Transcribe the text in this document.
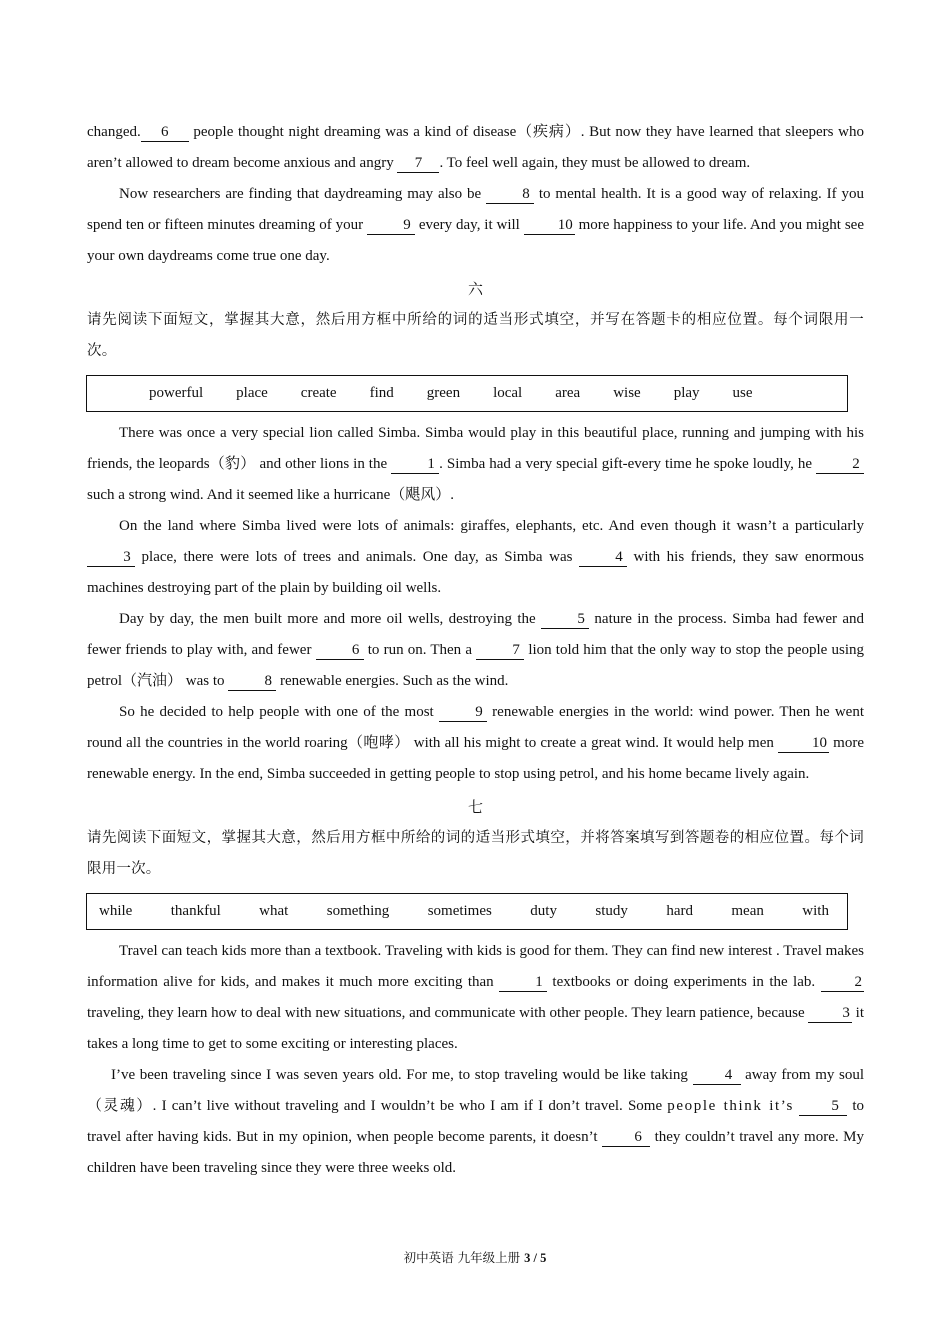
changed. 6 people thought night dreaming was a kind of disease（疾病）. But now they have learned that sleepers who aren’t allowed to dream become anxious and angry 7 . To feel well again, they must be allowed to dream.

Now researchers are finding that daydreaming may also be 8 to mental health. It is a good way of relaxing. If you spend ten or fifteen minutes dreaming of your 9 every day, it will 10 more happiness to your life. And you might see your own daydreams come true one day.

六

请先阅读下面短文，掌握其大意，然后用方框中所给的词的适当形式填空，并写在答题卡的相应位置。每个词限用一次。

powerful place create find green local area wise play use

There was once a very special lion called Simba. Simba would play in this beautiful place, running and jumping with his friends, the leopards（豹） and other lions in the 1 . Simba had a very special gift-every time he spoke loudly, he 2 such a strong wind. And it seemed like a hurricane（飓风）.

On the land where Simba lived were lots of animals: giraffes, elephants, etc. And even though it wasn’t a particularly 3 place, there were lots of trees and animals. One day, as Simba was 4 with his friends, they saw enormous machines destroying part of the plain by building oil wells.

Day by day, the men built more and more oil wells, destroying the 5 nature in the process. Simba had fewer and fewer friends to play with, and fewer 6 to run on. Then a 7 lion told him that the only way to stop the people using petrol（汽油） was to 8 renewable energies. Such as the wind.

So he decided to help people with one of the most 9 renewable energies in the world: wind power. Then he went round all the countries in the world roaring（咆哮） with all his might to create a great wind. It would help men 10 more renewable energy. In the end, Simba succeeded in getting people to stop using petrol, and his home became lively again.

七

请先阅读下面短文，掌握其大意，然后用方框中所给的词的适当形式填空，并将答案填写到答题卷的相应位置。每个词限用一次。

while	thankful	what	something	sometimes	duty	study	hard	mean	with

Travel can teach kids more than a textbook. Traveling with kids is good for them. They can find new interest . Travel makes information alive for kids, and makes it much more exciting than 1 textbooks or doing experiments in the lab. 2 traveling, they learn how to deal with new situations, and communicate with other people. They learn patience, because 3 it takes a long time to get to some exciting or interesting places.

I’ve been traveling since I was seven years old. For me, to stop traveling would be like taking 4 away from my soul（灵魂）. I can’t live without traveling and I wouldn’t be who I am if I don’t travel. Some people think it’s 5 to travel after having kids. But in my opinion, when people become parents, it doesn’t 6 they couldn’t travel any more. My children have been traveling since they were three weeks old.

初中英语 九年级上册 3 / 5
